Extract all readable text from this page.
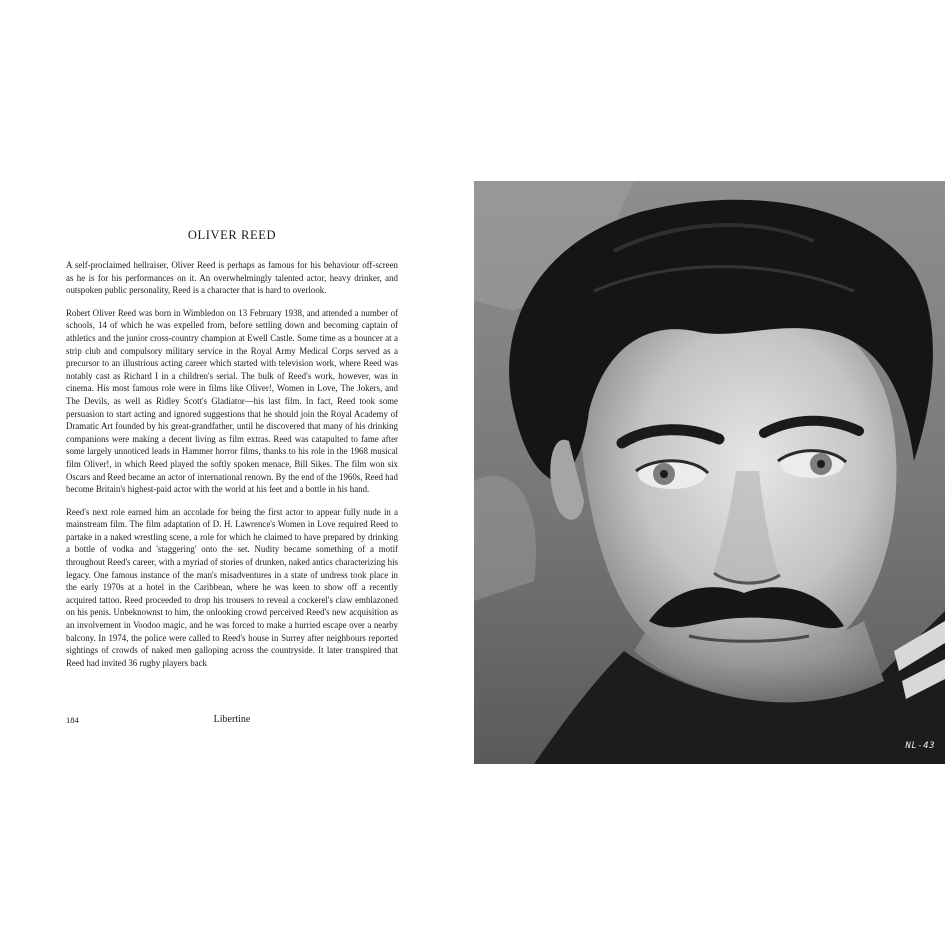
OLIVER REED

A self-proclaimed hellraiser, Oliver Reed is perhaps as famous for his behaviour off-screen as he is for his performances on it. An overwhelmingly talented actor, heavy drinker, and outspoken public personality, Reed is a character that is hard to overlook.

Robert Oliver Reed was born in Wimbledon on 13 February 1938, and attended a number of schools, 14 of which he was expelled from, before settling down and becoming captain of athletics and the junior cross-country champion at Ewell Castle. Some time as a bouncer at a strip club and compulsory military service in the Royal Army Medical Corps served as a precursor to an illustrious acting career which started with television work, where Reed was notably cast as Richard I in a children's serial. The bulk of Reed's work, however, was in cinema. His most famous role were in films like Oliver!, Women in Love, The Jokers, and The Devils, as well as Ridley Scott's Gladiator—his last film. In fact, Reed took some persuasion to start acting and ignored suggestions that he should join the Royal Academy of Dramatic Art founded by his great-grandfather, until he discovered that many of his drinking companions were making a decent living as film extras. Reed was catapulted to fame after some largely unnoticed leads in Hammer horror films, thanks to his role in the 1968 musical film Oliver!, in which Reed played the softly spoken menace, Bill Sikes. The film won six Oscars and Reed became an actor of international renown. By the end of the 1960s, Reed had become Britain's highest-paid actor with the world at his feet and a bottle in his hand.

Reed's next role earned him an accolade for being the first actor to appear fully nude in a mainstream film. The film adaptation of D. H. Lawrence's Women in Love required Reed to partake in a naked wrestling scene, a role for which he claimed to have prepared by drinking a bottle of vodka and 'staggering' onto the set. Nudity became something of a motif throughout Reed's career, with a myriad of stories of drunken, naked antics characterizing his legacy. One famous instance of the man's misadventures in a state of undress took place in the early 1970s at a hotel in the Caribbean, where he was keen to show off a recently acquired tattoo. Reed proceeded to drop his trousers to reveal a cockerel's claw emblazoned on his penis. Unbeknownst to him, the onlooking crowd perceived Reed's new acquisition as an involvement in Voodoo magic, and he was forced to make a hurried escape over a nearby balcony. In 1974, the police were called to Reed's house in Surrey after neighbours reported sightings of crowds of naked men galloping across the countryside. It later transpired that Reed had invited 36 rugby players back

184	Libertine
NL-43
